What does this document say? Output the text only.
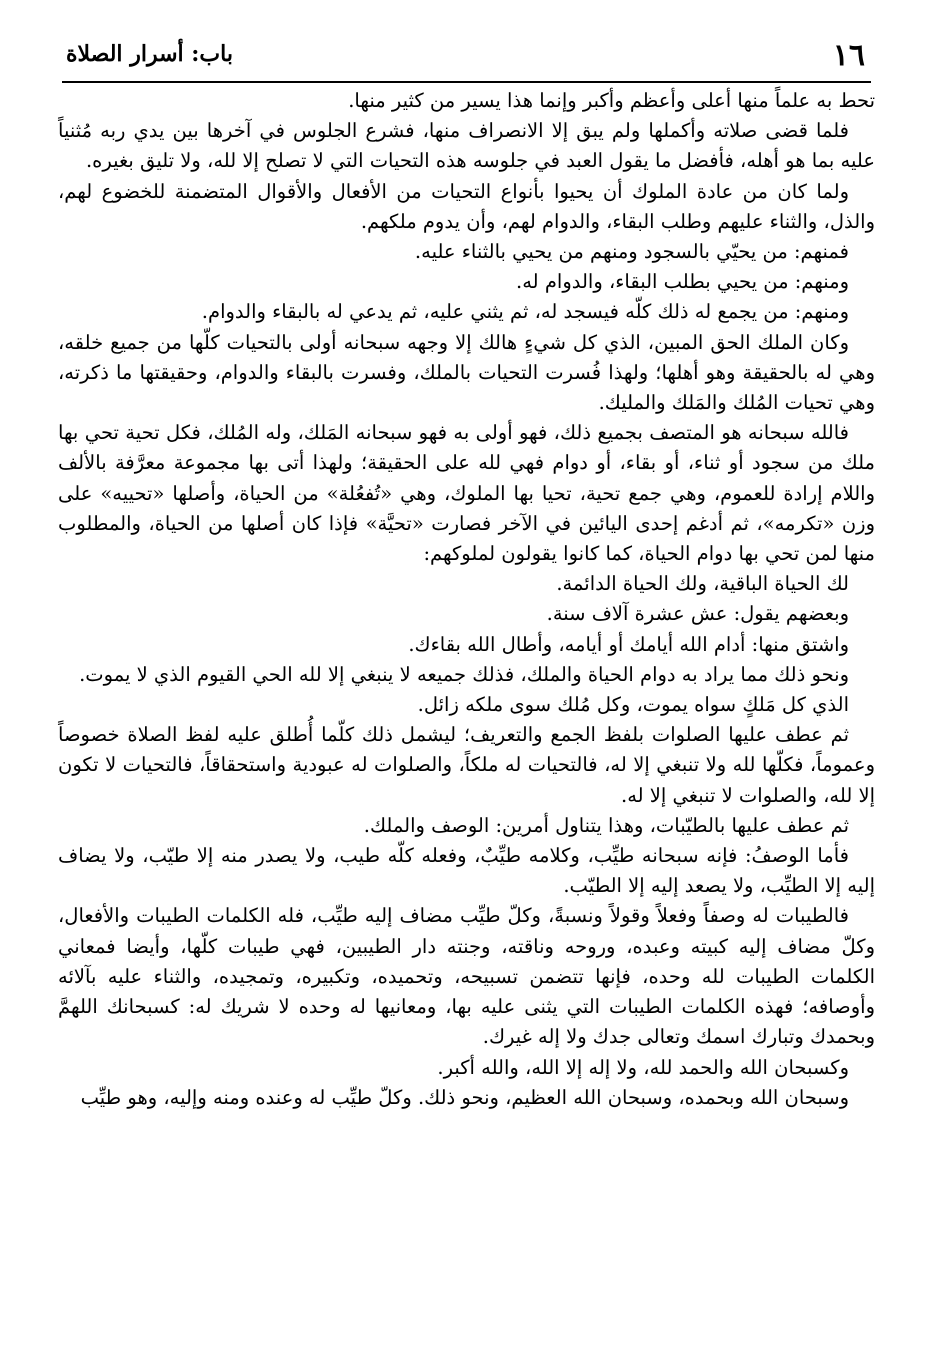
١٦
باب: أسرار الصلاة

تحط به علماً منها أعلى وأعظم وأكبر وإنما هذا يسير من كثير منها.

فلما قضى صلاته وأكملها ولم يبق إلا الانصراف منها، فشرع الجلوس في آخرها بين يدي ربه مُثنياً عليه بما هو أهله، فأفضل ما يقول العبد في جلوسه هذه التحيات التي لا تصلح إلا لله، ولا تليق بغيره.

ولما كان من عادة الملوك أن يحيوا بأنواع التحيات من الأفعال والأقوال المتضمنة للخضوع لهم، والذل، والثناء عليهم وطلب البقاء، والدوام لهم، وأن يدوم ملكهم.

فمنهم: من يحيّي بالسجود ومنهم من يحيي بالثناء عليه.

ومنهم: من يحيي بطلب البقاء، والدوام له.

ومنهم: من يجمع له ذلك كلّه فيسجد له، ثم يثني عليه، ثم يدعي له بالبقاء والدوام.

وكان الملك الحق المبين، الذي كل شيءٍ هالك إلا وجهه سبحانه أولى بالتحيات كلّها من جميع خلقه، وهي له بالحقيقة وهو أهلها؛ ولهذا فُسرت التحيات بالملك، وفسرت بالبقاء والدوام، وحقيقتها ما ذكرته، وهي تحيات المُلك والمَلك والمليك.

فالله سبحانه هو المتصف بجميع ذلك، فهو أولى به فهو سبحانه المَلك، وله المُلك، فكل تحية تحي بها ملك من سجود أو ثناء، أو بقاء، أو دوام فهي لله على الحقيقة؛ ولهذا أتى بها مجموعة معرَّفة بالألف واللام إرادة للعموم، وهي جمع تحية، تحيا بها الملوك، وهي «تُفعُلة» من الحياة، وأصلها «تحييه» على وزن «تكرمه»، ثم أدغم إحدى اليائين في الآخر فصارت «تحيَّة» فإذا كان أصلها من الحياة، والمطلوب منها لمن تحي بها دوام الحياة، كما كانوا يقولون لملوكهم:

لك الحياة الباقية، ولك الحياة الدائمة.

وبعضهم يقول: عش عشرة آلاف سنة.

واشتق منها: أدام الله أيامك أو أيامه، وأطال الله بقاءك.

ونحو ذلك مما يراد به دوام الحياة والملك، فذلك جميعه لا ينبغي إلا لله الحي القيوم الذي لا يموت.

الذي كل مَلكٍ سواه يموت، وكل مُلك سوى ملكه زائل.

ثم عطف عليها الصلوات بلفظ الجمع والتعريف؛ ليشمل ذلك كلّما أُطلق عليه لفظ الصلاة خصوصاً وعموماً، فكلّها لله ولا تنبغي إلا له، فالتحيات له ملكاً، والصلوات له عبودية واستحقاقاً، فالتحيات لا تكون إلا لله، والصلوات لا تنبغي إلا له.

ثم عطف عليها بالطيّبات، وهذا يتناول أمرين: الوصف والملك.

فأما الوصفُ: فإنه سبحانه طيِّب، وكلامه طيِّبٌ، وفعله كلّه طيب، ولا يصدر منه إلا طيّب، ولا يضاف إليه إلا الطيِّب، ولا يصعد إليه إلا الطيّب.

فالطيبات له وصفاً وفعلاً وقولاً ونسبةً، وكلّ طيِّب مضاف إليه طيِّب، فله الكلمات الطيبات والأفعال، وكلّ مضاف إليه كبيته وعبده، وروحه وناقته، وجنته دار الطيبين، فهي طيبات كلّها، وأيضا فمعاني الكلمات الطيبات لله وحده، فإنها تتضمن تسبيحه، وتحميده، وتكبيره، وتمجيده، والثناء عليه بآلائه وأوصافه؛ فهذه الكلمات الطيبات التي يثنى عليه بها، ومعانيها له وحده لا شريك له: كسبحانك اللهمَّ وبحمدك وتبارك اسمك وتعالى جدك ولا إله غيرك.

وكسبحان الله والحمد لله، ولا إله إلا الله، والله أكبر.

وسبحان الله وبحمده، وسبحان الله العظيم، ونحو ذلك. وكلّ طيِّب له وعنده ومنه وإليه، وهو طيِّب
